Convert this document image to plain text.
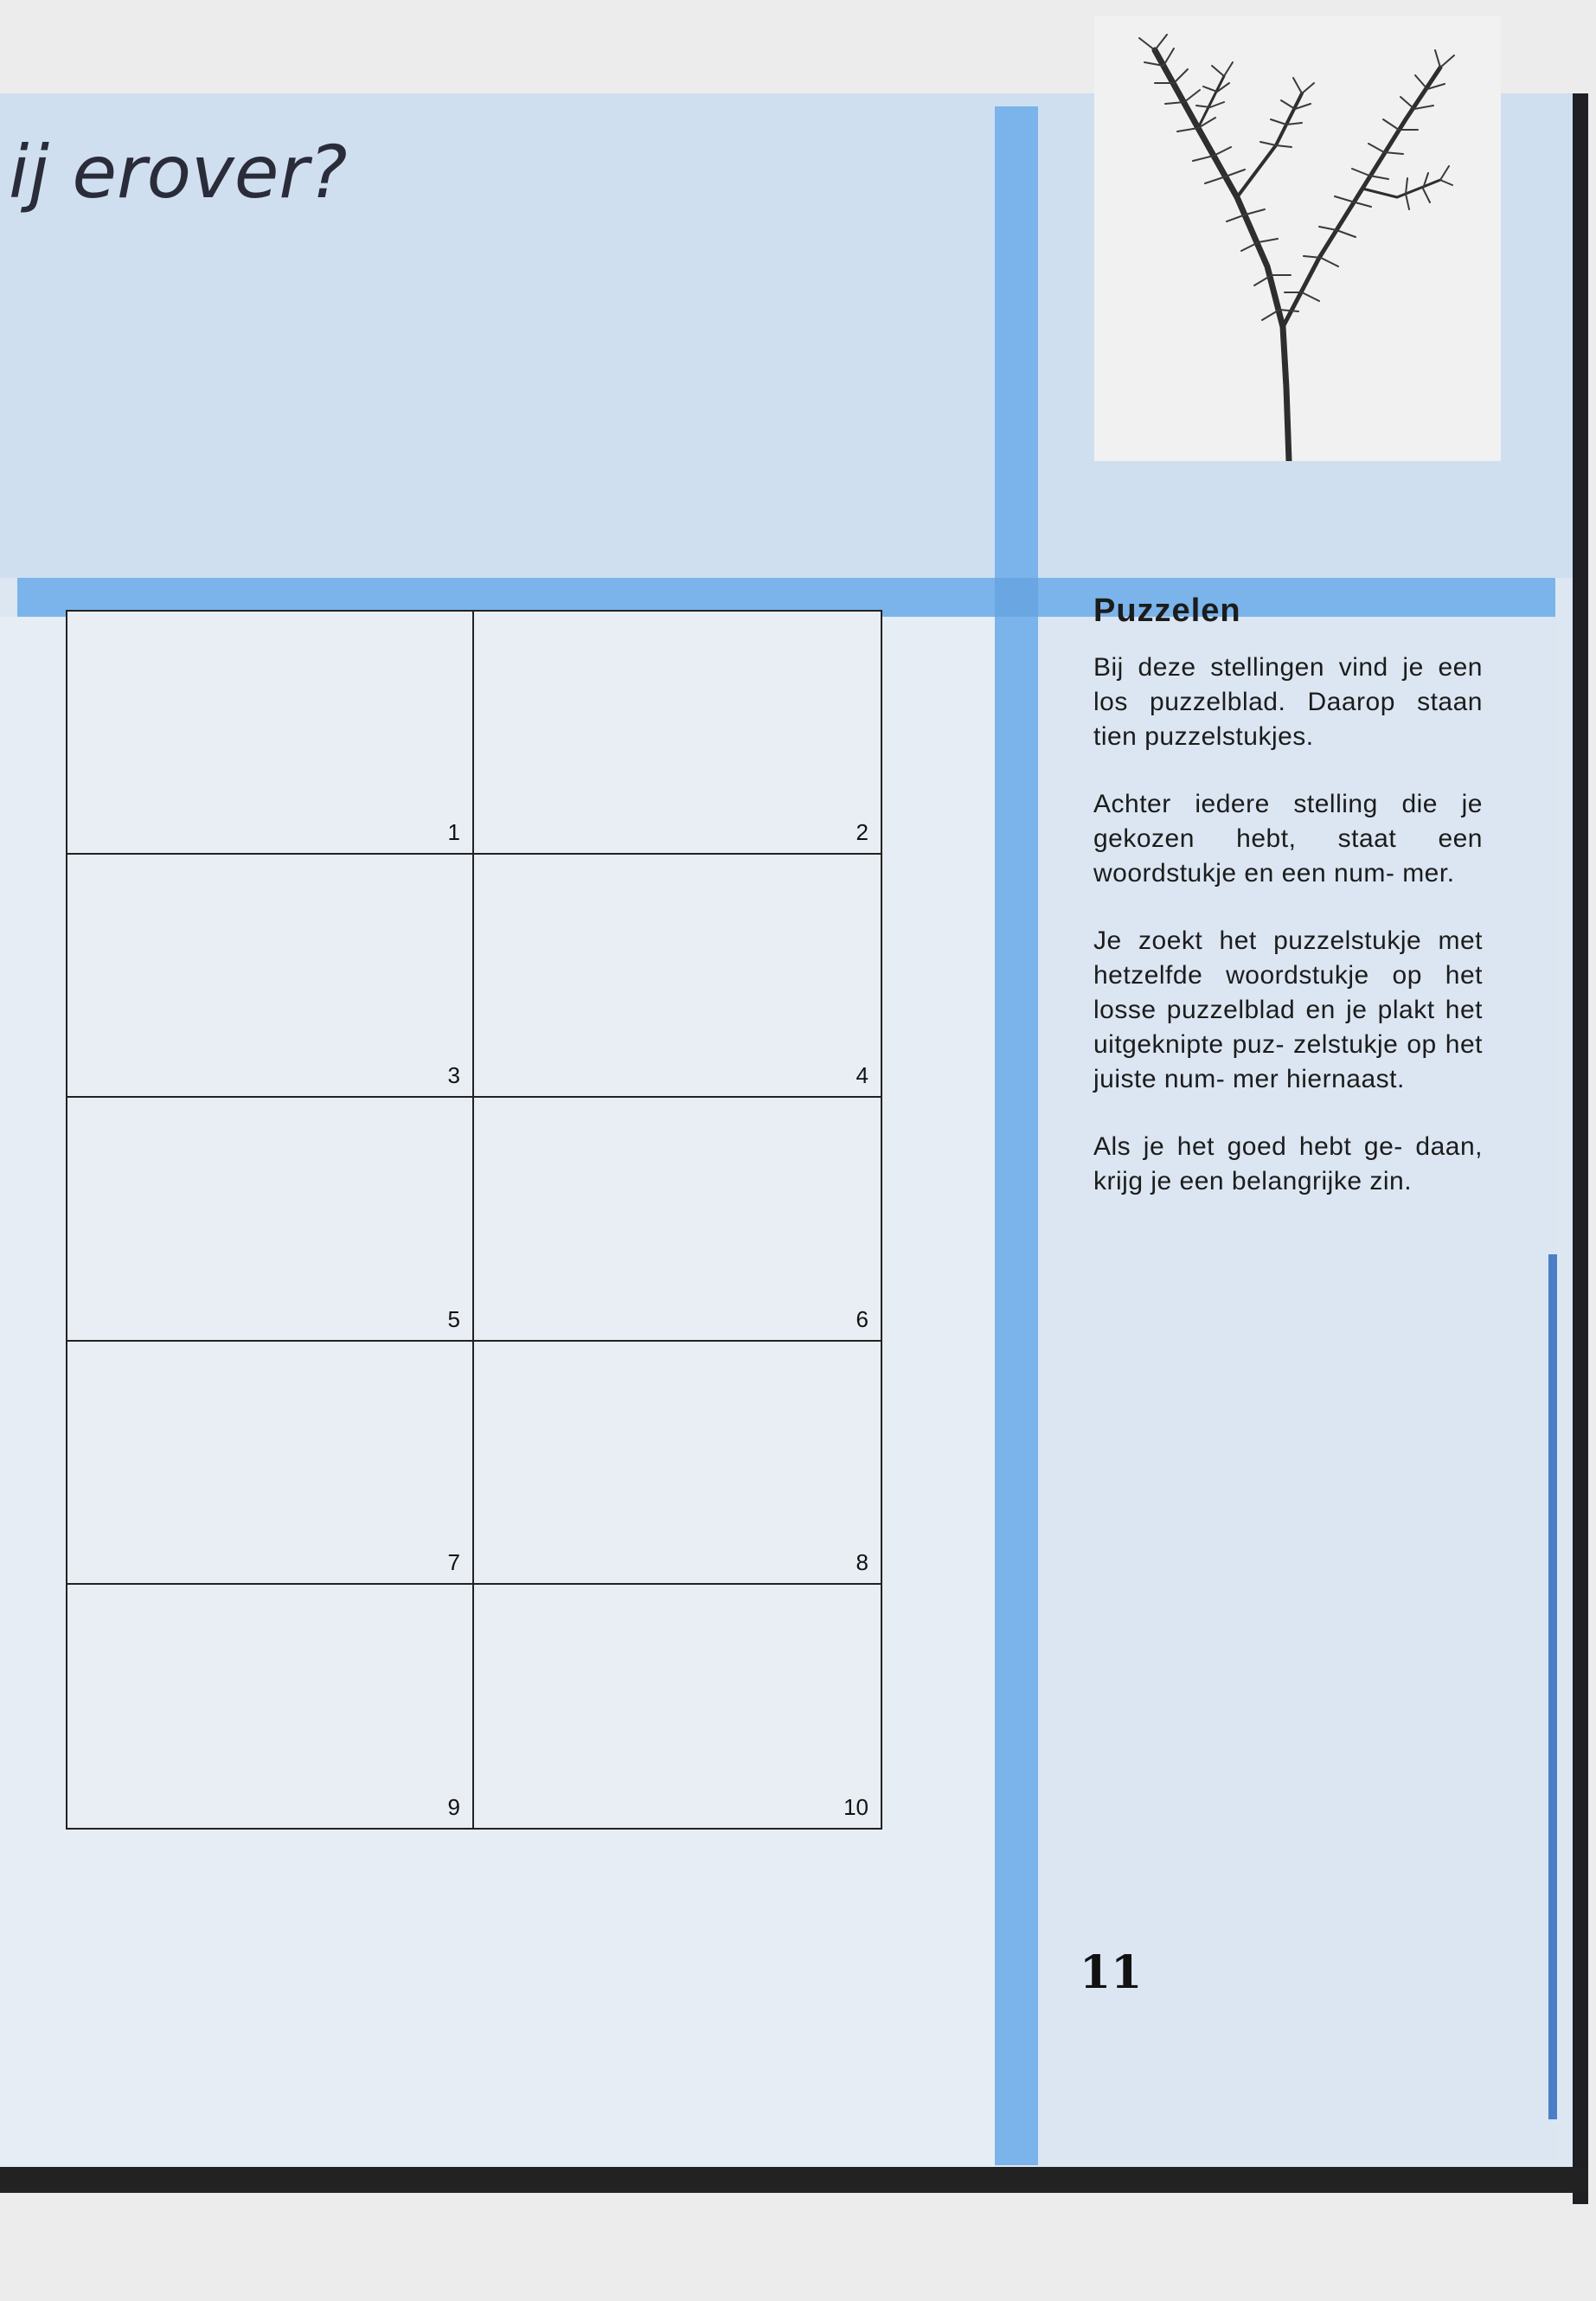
ij erover?
1	2
3	4
5	6
7	8
9	10
Puzzelen

Bij deze stellingen vind je een los puzzelblad. Daarop staan tien puzzelstukjes.

Achter iedere stelling die je gekozen hebt, staat een woordstukje en een num- mer.

Je zoekt het puzzelstukje met hetzelfde woordstukje op het losse puzzelblad en je plakt het uitgeknipte puz- zelstukje op het juiste num- mer hiernaast.

Als je het goed hebt ge- daan, krijg je een belangrijke zin.

11
